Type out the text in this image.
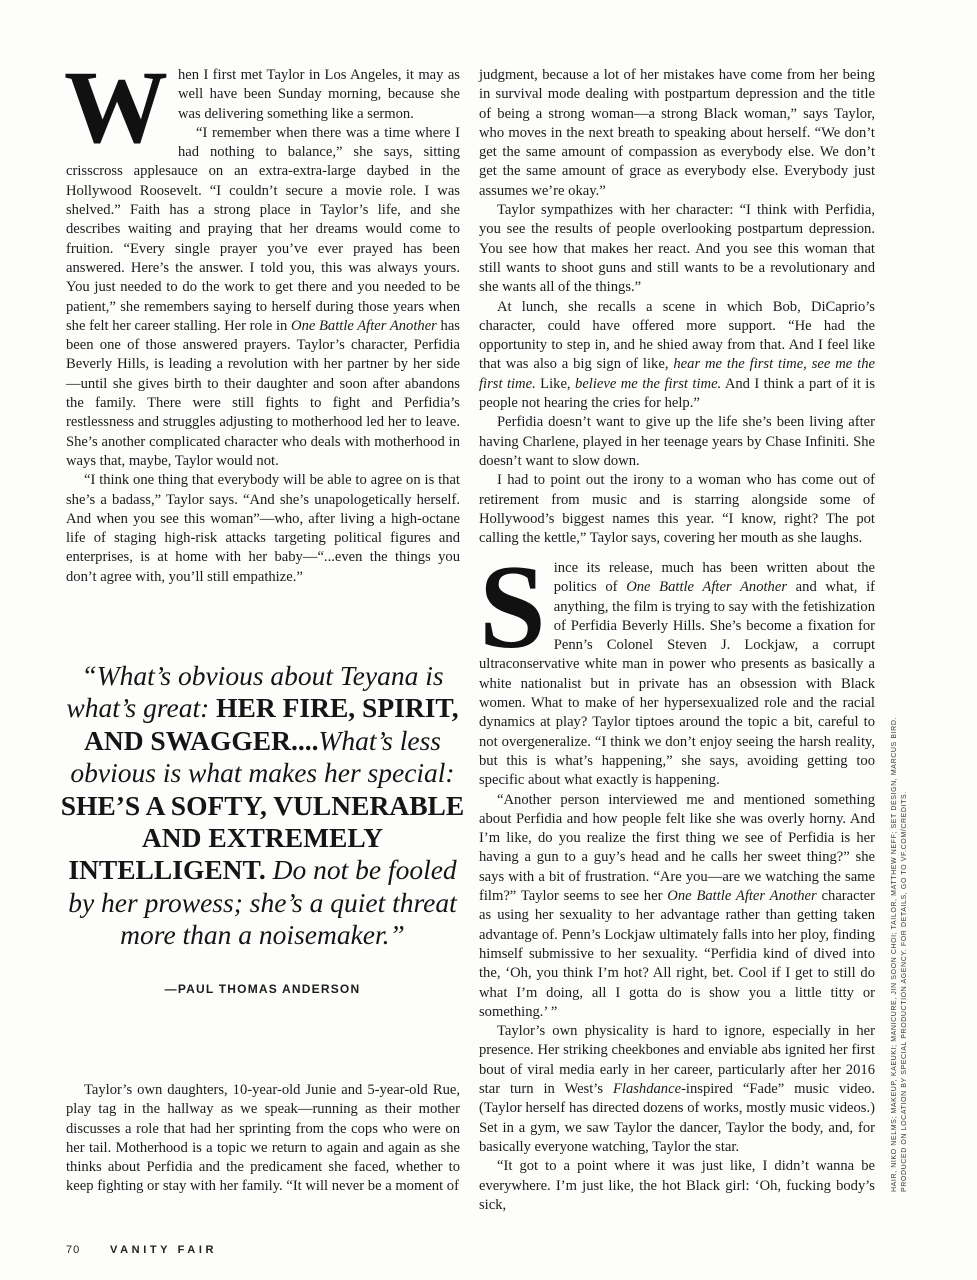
When I first met Taylor in Los Angeles, it may as well have been Sunday morning, because she was delivering something like a sermon.

“I remember when there was a time where I had nothing to balance,” she says, sitting crisscross applesauce on an extra-extra-large daybed in the Hollywood Roosevelt. “I couldn’t secure a movie role. I was shelved.” Faith has a strong place in Taylor’s life, and she describes waiting and praying that her dreams would come to fruition. “Every single prayer you’ve ever prayed has been answered. Here’s the answer. I told you, this was always yours. You just needed to do the work to get there and you needed to be patient,” she remembers saying to herself during those years when she felt her career stalling. Her role in One Battle After Another has been one of those answered prayers. Taylor’s character, Perfidia Beverly Hills, is leading a revolution with her partner by her side—until she gives birth to their daughter and soon after abandons the family. There were still fights to fight and Perfidia’s restlessness and struggles adjusting to motherhood led her to leave. She’s another complicated character who deals with motherhood in ways that, maybe, Taylor would not.

“I think one thing that everybody will be able to agree on is that she’s a badass,” Taylor says. “And she’s unapologetically herself. And when you see this woman”—who, after living a high-octane life of staging high-risk attacks targeting political figures and enterprises, is at home with her baby—“...even the things you don’t agree with, you’ll still empathize.”

“What’s obvious about Teyana is what’s great: HER FIRE, SPIRIT, AND SWAGGER....What’s less obvious is what makes her special: SHE’S A SOFTY, VULNERABLE AND EXTREMELY INTELLIGENT. Do not be fooled by her prowess; she’s a quiet threat more than a noisemaker.”
—PAUL THOMAS ANDERSON

Taylor’s own daughters, 10-year-old Junie and 5-year-old Rue, play tag in the hallway as we speak—running as their mother discusses a role that had her sprinting from the cops who were on her tail. Motherhood is a topic we return to again and again as she thinks about Perfidia and the predicament she faced, whether to keep fighting or stay with her family. “It will never be a moment of

judgment, because a lot of her mistakes have come from her being in survival mode dealing with postpartum depression and the title of being a strong woman—a strong Black woman,” says Taylor, who moves in the next breath to speaking about herself. “We don’t get the same amount of compassion as everybody else. We don’t get the same amount of grace as everybody else. Everybody just assumes we’re okay.”

Taylor sympathizes with her character: “I think with Perfidia, you see the results of people overlooking postpartum depression. You see how that makes her react. And you see this woman that still wants to shoot guns and still wants to be a revolutionary and she wants all of the things.”

At lunch, she recalls a scene in which Bob, DiCaprio’s character, could have offered more support. “He had the opportunity to step in, and he shied away from that. And I feel like that was also a big sign of like, hear me the first time, see me the first time. Like, believe me the first time. And I think a part of it is people not hearing the cries for help.”

Perfidia doesn’t want to give up the life she’s been living after having Charlene, played in her teenage years by Chase Infiniti. She doesn’t want to slow down.

I had to point out the irony to a woman who has come out of retirement from music and is starring alongside some of Hollywood’s biggest names this year. “I know, right? The pot calling the kettle,” Taylor says, covering her mouth as she laughs.

Since its release, much has been written about the politics of One Battle After Another and what, if anything, the film is trying to say with the fetishization of Perfidia Beverly Hills. She’s become a fixation for Penn’s Colonel Steven J. Lockjaw, a corrupt ultraconservative white man in power who presents as basically a white nationalist but in private has an obsession with Black women. What to make of her hypersexualized role and the racial dynamics at play? Taylor tiptoes around the topic a bit, careful to not overgeneralize. “I think we don’t enjoy seeing the harsh reality, but this is what’s happening,” she says, avoiding getting too specific about what exactly is happening.

“Another person interviewed me and mentioned something about Perfidia and how people felt like she was overly horny. And I’m like, do you realize the first thing we see of Perfidia is her having a gun to a guy’s head and he calls her sweet thing?” she says with a bit of frustration. “Are you—are we watching the same film?” Taylor seems to see her One Battle After Another character as using her sexuality to her advantage rather than getting taken advantage of. Penn’s Lockjaw ultimately falls into her ploy, finding himself submissive to her sexuality. “Perfidia kind of dived into the, ‘Oh, you think I’m hot? All right, bet. Cool if I get to still do what I’m doing, all I gotta do is show you a little titty or something.’ ”

Taylor’s own physicality is hard to ignore, especially in her presence. Her striking cheekbones and enviable abs ignited her first bout of viral media early in her career, particularly after her 2016 star turn in West’s Flashdance-inspired “Fade” music video. (Taylor herself has directed dozens of works, mostly music videos.) Set in a gym, we saw Taylor the dancer, Taylor the body, and, for basically everyone watching, Taylor the star.

“It got to a point where it was just like, I didn’t wanna be everywhere. I’m just like, the hot Black girl: ‘Oh, fucking body’s sick,

70	VANITY FAIR
HAIR, NIKO NELMS; MAKEUP, KAEUKI; MANICURE, JIN SOON CHOI; TAILOR, MATTHEW NEFF; SET DESIGN, MARCUS BIRD. PRODUCED ON LOCATION BY SPECIAL PRODUCTION AGENCY. FOR DETAILS, GO TO VF.COM/CREDITS.
